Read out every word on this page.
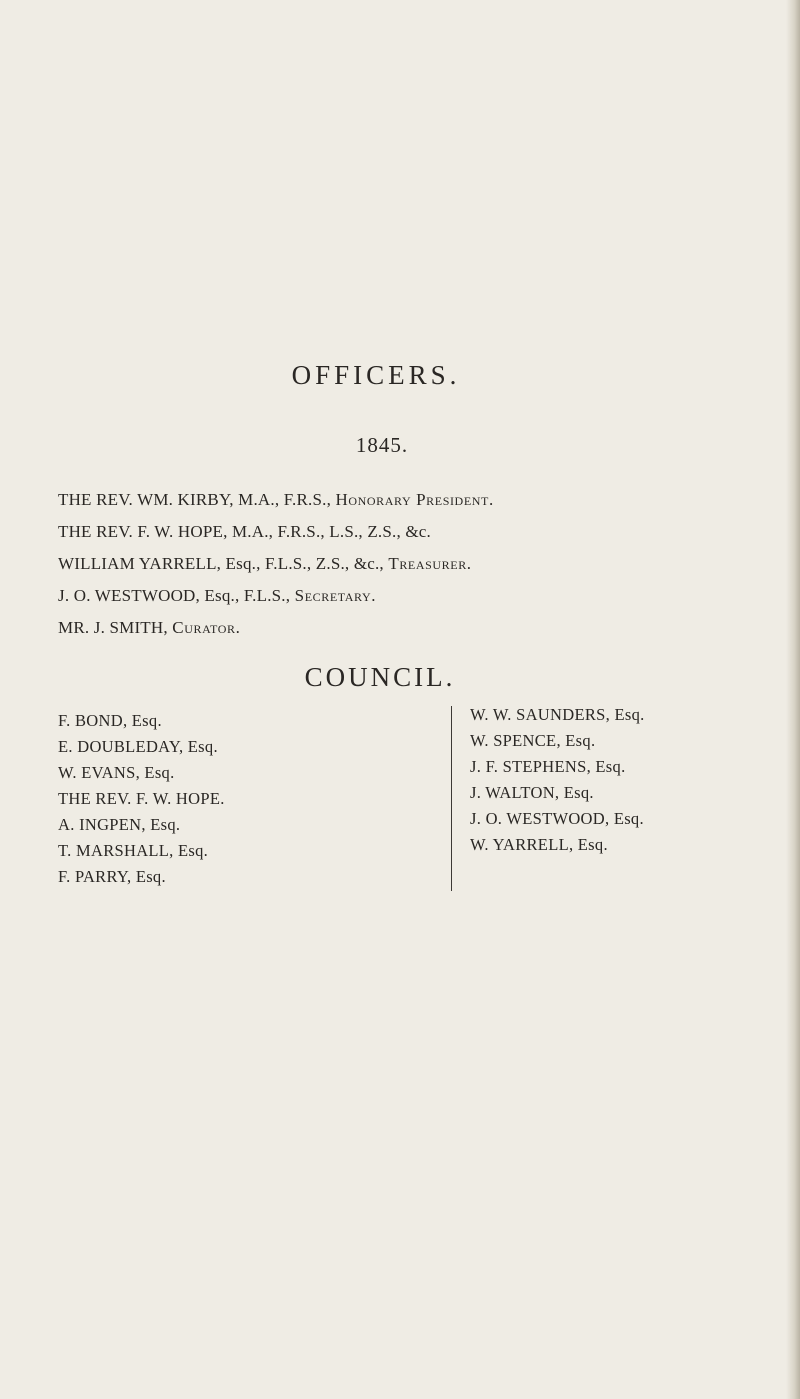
OFFICERS.
1845.
THE REV. WM. KIRBY, M.A., F.R.S., Honorary President.
THE REV. F. W. HOPE, M.A., F.R.S., L.S., Z.S., &c.
WILLIAM YARRELL, Esq., F.L.S., Z.S., &c., Treasurer.
J. O. WESTWOOD, Esq., F.L.S., Secretary.
MR. J. SMITH, Curator.
COUNCIL.
F. BOND, Esq.
E. DOUBLEDAY, Esq.
W. EVANS, Esq.
THE REV. F. W. HOPE.
A. INGPEN, Esq.
T. MARSHALL, Esq.
F. PARRY, Esq.
W. W. SAUNDERS, Esq.
W. SPENCE, Esq.
J. F. STEPHENS, Esq.
J. WALTON, Esq.
J. O. WESTWOOD, Esq.
W. YARRELL, Esq.
